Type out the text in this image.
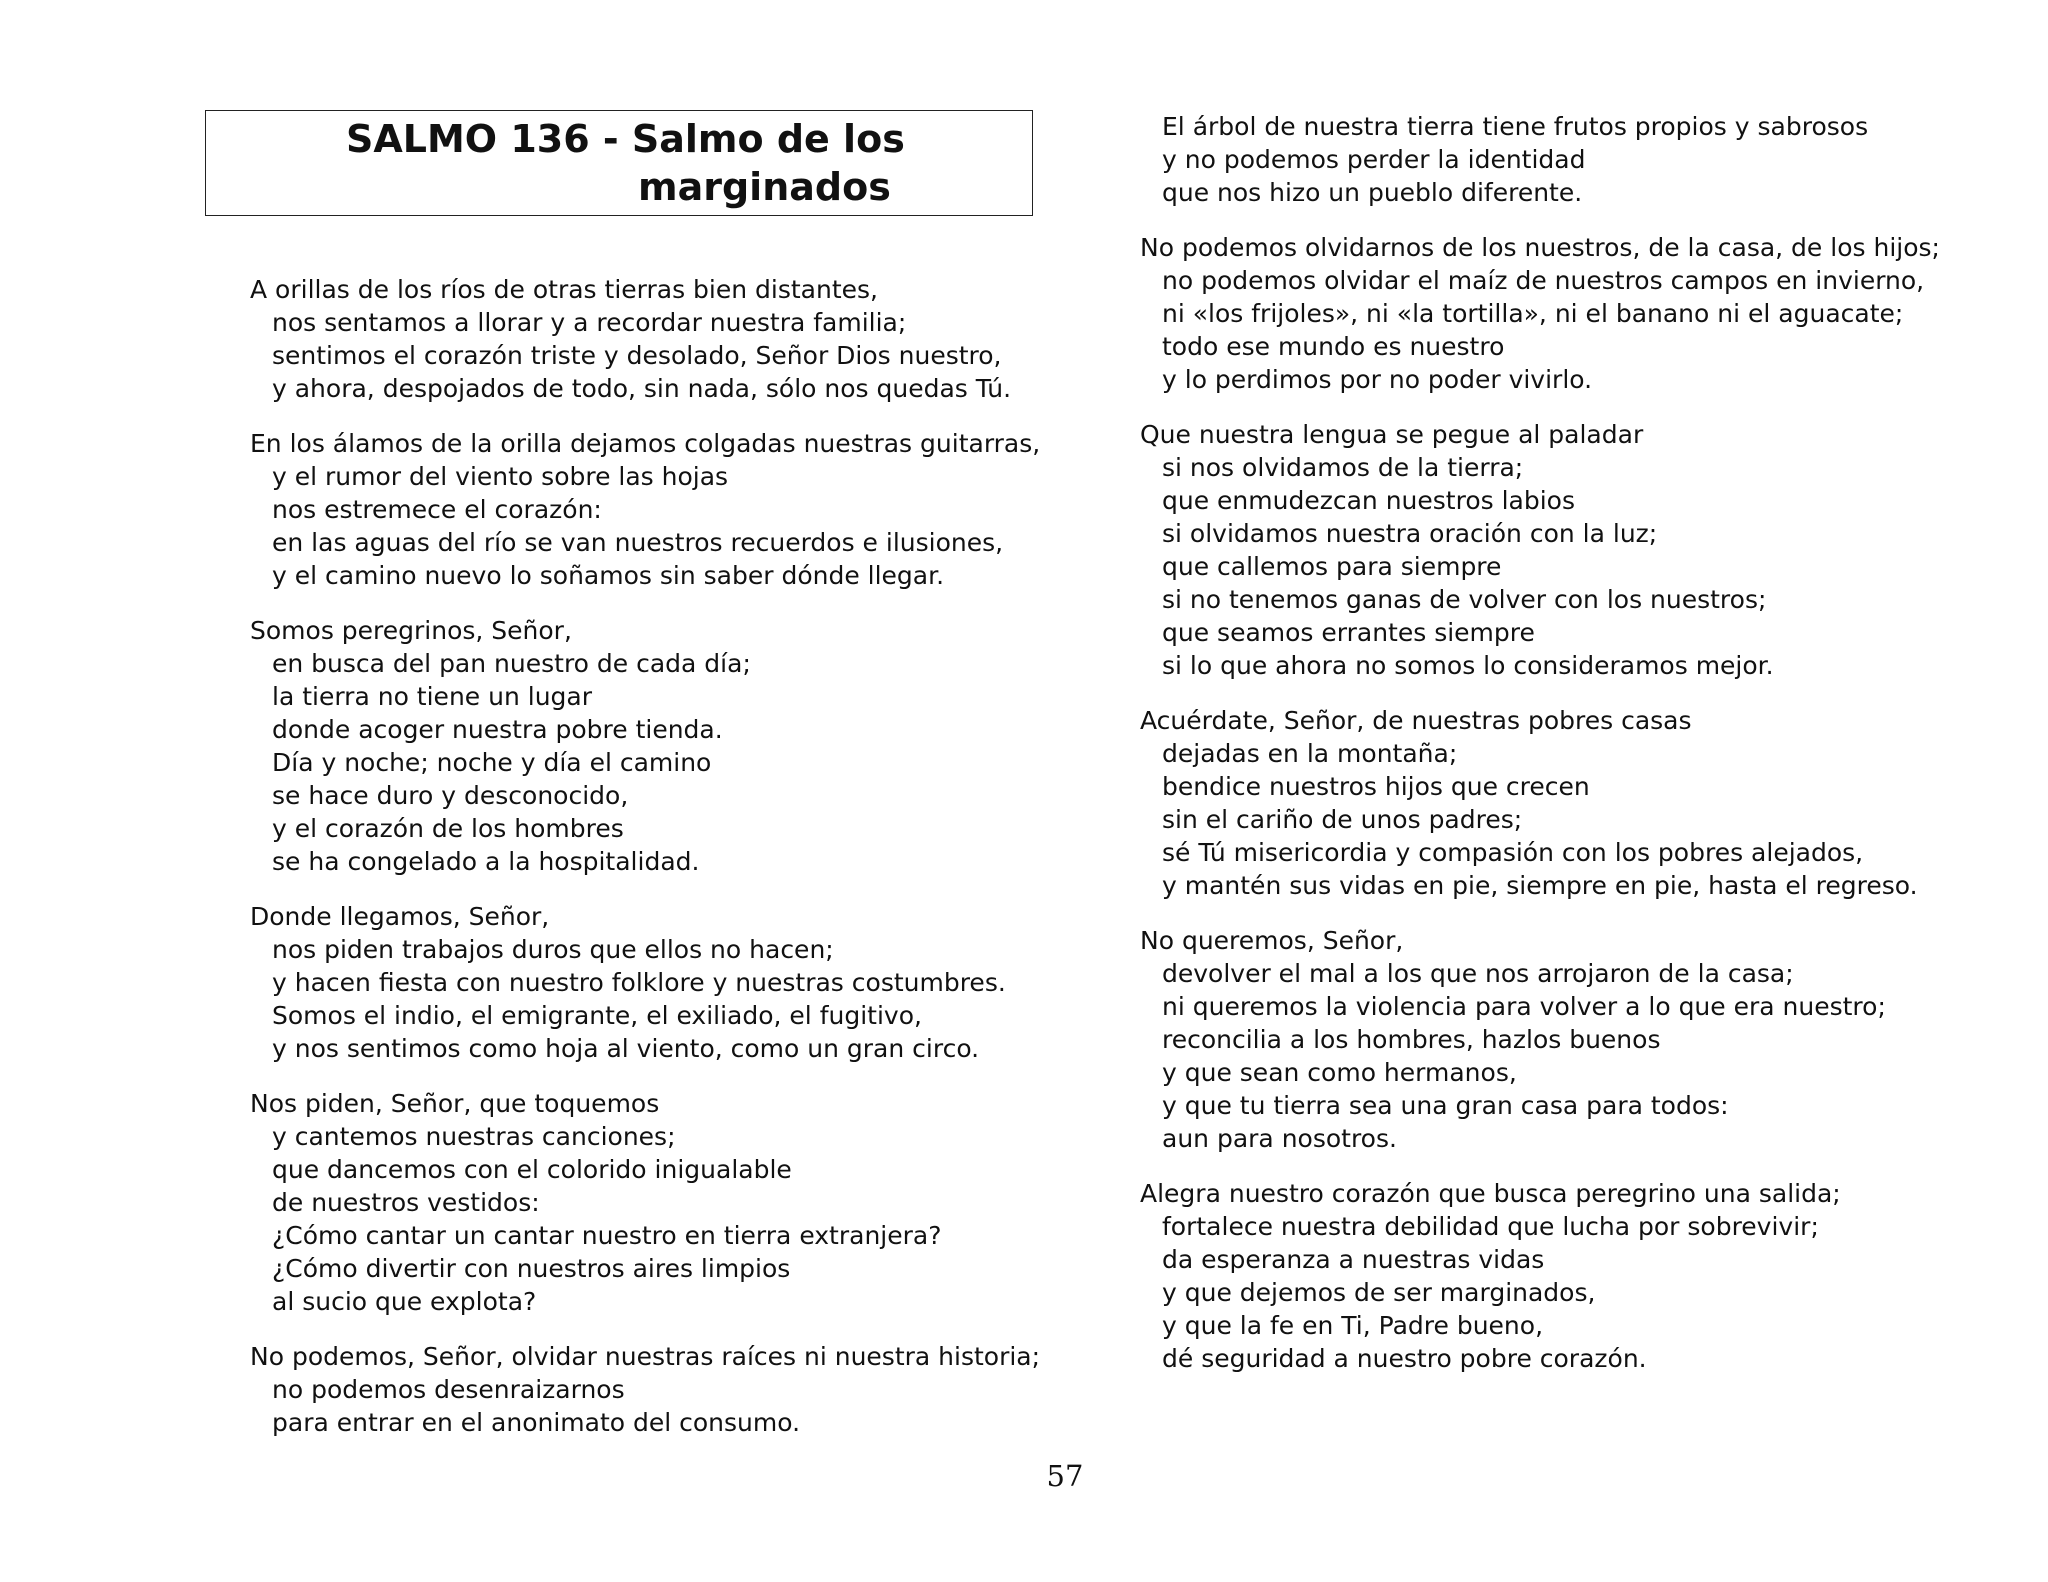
SALMO 136 - Salmo de los
marginados
A orillas de los ríos de otras tierras bien distantes,
nos sentamos a llorar y a recordar nuestra familia;
sentimos el corazón triste y desolado, Señor Dios nuestro,
y ahora, despojados de todo, sin nada, sólo nos quedas Tú.
En los álamos de la orilla dejamos colgadas nuestras guitarras,
y el rumor del viento sobre las hojas
nos estremece el corazón:
en las aguas del río se van nuestros recuerdos e ilusiones,
y el camino nuevo lo soñamos sin saber dónde llegar.
Somos peregrinos, Señor,
en busca del pan nuestro de cada día;
la tierra no tiene un lugar
donde acoger nuestra pobre tienda.
Día y noche; noche y día el camino
se hace duro y desconocido,
y el corazón de los hombres
se ha congelado a la hospitalidad.
Donde llegamos, Señor,
nos piden trabajos duros que ellos no hacen;
y hacen fiesta con nuestro folklore y nuestras costumbres.
Somos el indio, el emigrante, el exiliado, el fugitivo,
y nos sentimos como hoja al viento, como un gran circo.
Nos piden, Señor, que toquemos
y cantemos nuestras canciones;
que dancemos con el colorido inigualable
de nuestros vestidos:
¿Cómo cantar un cantar nuestro en tierra extranjera?
¿Cómo divertir con nuestros aires limpios
al sucio que explota?
No podemos, Señor, olvidar nuestras raíces ni nuestra historia;
no podemos desenraizarnos
para entrar en el anonimato del consumo.
El árbol de nuestra tierra tiene frutos propios y sabrosos
y no podemos perder la identidad
que nos hizo un pueblo diferente.
No podemos olvidarnos de los nuestros, de la casa, de los hijos;
no podemos olvidar el maíz de nuestros campos en invierno,
ni «los frijoles», ni «la tortilla», ni el banano ni el aguacate;
todo ese mundo es nuestro
y lo perdimos por no poder vivirlo.
Que nuestra lengua se pegue al paladar
si nos olvidamos de la tierra;
que enmudezcan nuestros labios
si olvidamos nuestra oración con la luz;
que callemos para siempre
si no tenemos ganas de volver con los nuestros;
que seamos errantes siempre
si lo que ahora no somos lo consideramos mejor.
Acuérdate, Señor, de nuestras pobres casas
dejadas en la montaña;
bendice nuestros hijos que crecen
sin el cariño de unos padres;
sé Tú misericordia y compasión con los pobres alejados,
y mantén sus vidas en pie, siempre en pie, hasta el regreso.
No queremos, Señor,
devolver el mal a los que nos arrojaron de la casa;
ni queremos la violencia para volver a lo que era nuestro;
reconcilia a los hombres, hazlos buenos
y que sean como hermanos,
y que tu tierra sea una gran casa para todos:
aun para nosotros.
Alegra nuestro corazón que busca peregrino una salida;
fortalece nuestra debilidad que lucha por sobrevivir;
da esperanza a nuestras vidas
y que dejemos de ser marginados,
y que la fe en Ti, Padre bueno,
dé seguridad a nuestro pobre corazón.
57
